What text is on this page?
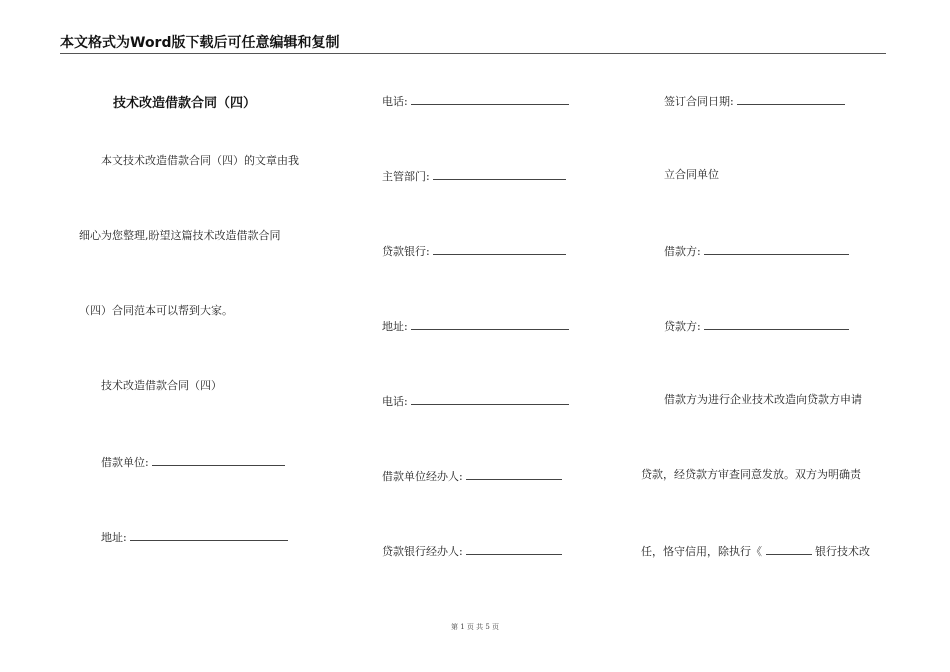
本文格式为Word版下载后可任意编辑和复制
技术改造借款合同（四）
本文技术改造借款合同（四）的文章由我
细心为您整理,盼望这篇技术改造借款合同
（四）合同范本可以帮到大家。
技术改造借款合同（四）
借款单位:
地址:
电话:
主管部门:
贷款银行:
地址:
电话:
借款单位经办人:
贷款银行经办人:
签订合同日期:
立合同单位
借款方:
贷款方:
借款方为进行企业技术改造向贷款方申请
贷款，经贷款方审查同意发放。双方为明确责
任，恪守信用，除执行《	银行技术改
第 1 页 共 5 页
